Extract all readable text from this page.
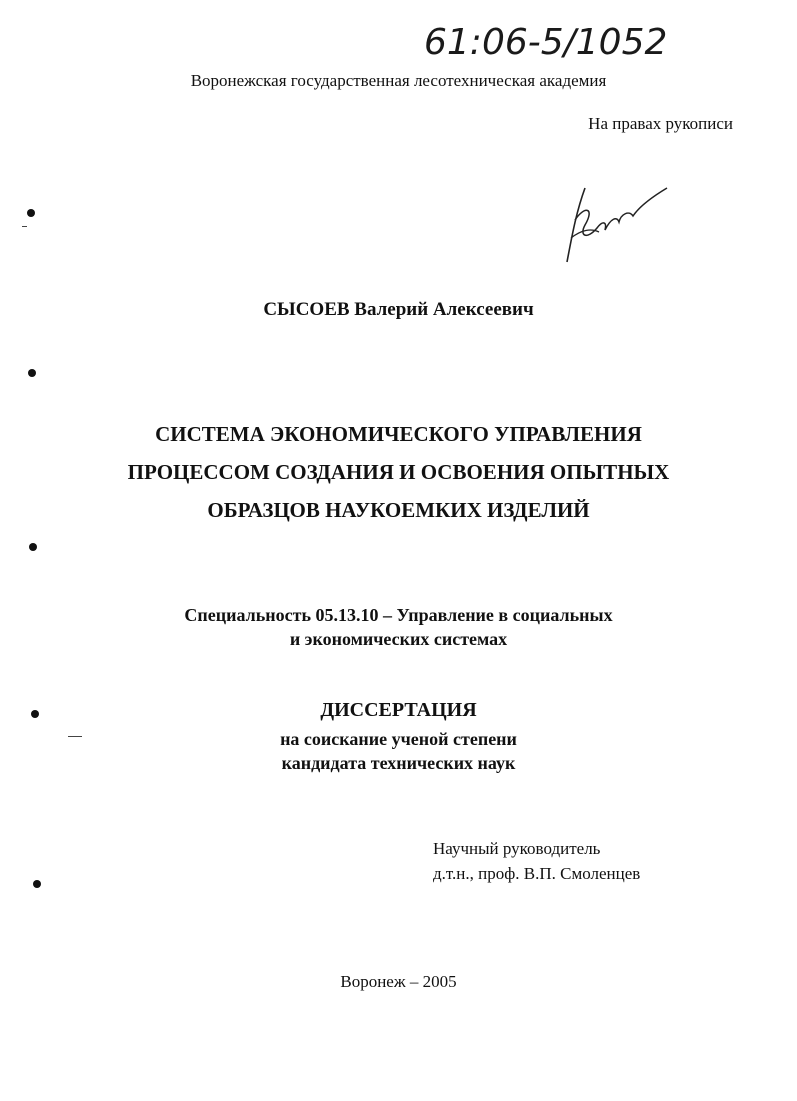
61:06-5/1052
Воронежская государственная лесотехническая академия
На правах рукописи
СЫСОЕВ Валерий Алексеевич
СИСТЕМА ЭКОНОМИЧЕСКОГО УПРАВЛЕНИЯ
ПРОЦЕССОМ СОЗДАНИЯ И ОСВОЕНИЯ ОПЫТНЫХ
ОБРАЗЦОВ НАУКОЕМКИХ ИЗДЕЛИЙ
Специальность 05.13.10 – Управление в социальных
и экономических системах
ДИССЕРТАЦИЯ
на соискание ученой степени
кандидата технических наук
Научный руководитель
д.т.н., проф. В.П. Смоленцев
Воронеж – 2005
